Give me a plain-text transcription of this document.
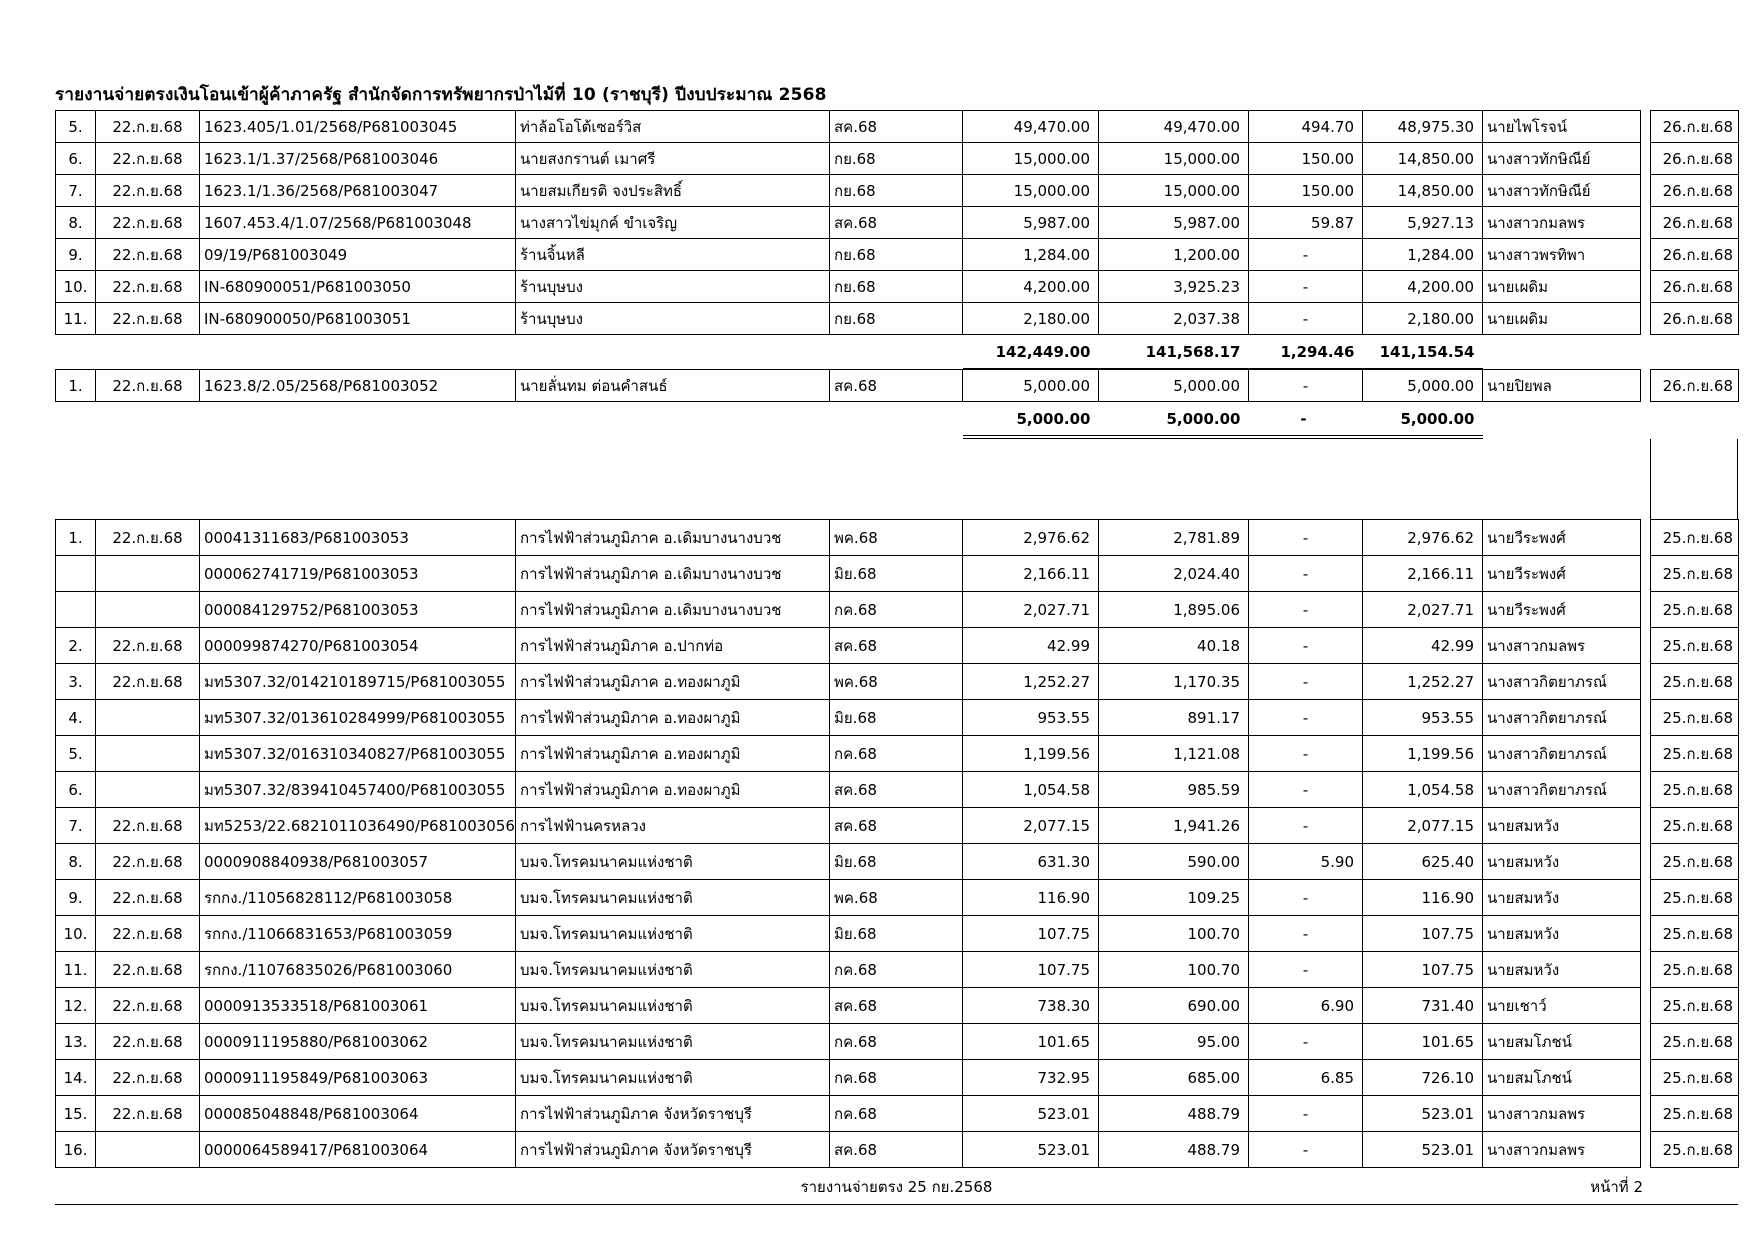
รายงานจ่ายตรงเงินโอนเข้าผู้ค้าภาครัฐ สำนักจัดการทรัพยากรป่าไม้ที่ 10 (ราชบุรี) ปีงบประมาณ 2568
5.	22.ก.ย.68	1623.405/1.01/2568/P681003045	ท่าล้อโอโต้เซอร์วิส	สค.68	49,470.00	49,470.00	494.70	48,975.30	นายไพโรจน์		26.ก.ย.68
6.	22.ก.ย.68	1623.1/1.37/2568/P681003046	นายสงกรานต์ เมาศรี	กย.68	15,000.00	15,000.00	150.00	14,850.00	นางสาวทักษิณีย์		26.ก.ย.68
7.	22.ก.ย.68	1623.1/1.36/2568/P681003047	นายสมเกียรติ จงประสิทธิ์	กย.68	15,000.00	15,000.00	150.00	14,850.00	นางสาวทักษิณีย์		26.ก.ย.68
8.	22.ก.ย.68	1607.453.4/1.07/2568/P681003048	นางสาวไข่มุกค์ ขำเจริญ	สค.68	5,987.00	5,987.00	59.87	5,927.13	นางสาวกมลพร		26.ก.ย.68
9.	22.ก.ย.68	09/19/P681003049	ร้านจิ้นหลี	กย.68	1,284.00	1,200.00	-	1,284.00	นางสาวพรทิพา		26.ก.ย.68
10.	22.ก.ย.68	IN-680900051/P681003050	ร้านบุษบง	กย.68	4,200.00	3,925.23	-	4,200.00	นายเผดิม		26.ก.ย.68
11.	22.ก.ย.68	IN-680900050/P681003051	ร้านบุษบง	กย.68	2,180.00	2,037.38	-	2,180.00	นายเผดิม		26.ก.ย.68
					142,449.00	141,568.17	1,294.46	141,154.54			
1.	22.ก.ย.68	1623.8/2.05/2568/P681003052	นายลั่นทม ต่อนคำสนธ์	สค.68	5,000.00	5,000.00	-	5,000.00	นายปิยพล		26.ก.ย.68
					5,000.00	5,000.00	-	5,000.00			
1.	22.ก.ย.68	00041311683/P681003053	การไฟฟ้าส่วนภูมิภาค อ.เดิมบางนางบวช	พค.68	2,976.62	2,781.89	-	2,976.62	นายวีระพงศ์		25.ก.ย.68
		000062741719/P681003053	การไฟฟ้าส่วนภูมิภาค อ.เดิมบางนางบวช	มิย.68	2,166.11	2,024.40	-	2,166.11	นายวีระพงศ์		25.ก.ย.68
		000084129752/P681003053	การไฟฟ้าส่วนภูมิภาค อ.เดิมบางนางบวช	กค.68	2,027.71	1,895.06	-	2,027.71	นายวีระพงศ์		25.ก.ย.68
2.	22.ก.ย.68	000099874270/P681003054	การไฟฟ้าส่วนภูมิภาค อ.ปากท่อ	สค.68	42.99	40.18	-	42.99	นางสาวกมลพร		25.ก.ย.68
3.	22.ก.ย.68	มท5307.32/014210189715/P681003055	การไฟฟ้าส่วนภูมิภาค อ.ทองผาภูมิ	พค.68	1,252.27	1,170.35	-	1,252.27	นางสาวกิตยาภรณ์		25.ก.ย.68
4.		มท5307.32/013610284999/P681003055	การไฟฟ้าส่วนภูมิภาค อ.ทองผาภูมิ	มิย.68	953.55	891.17	-	953.55	นางสาวกิตยาภรณ์		25.ก.ย.68
5.		มท5307.32/016310340827/P681003055	การไฟฟ้าส่วนภูมิภาค อ.ทองผาภูมิ	กค.68	1,199.56	1,121.08	-	1,199.56	นางสาวกิตยาภรณ์		25.ก.ย.68
6.		มท5307.32/839410457400/P681003055	การไฟฟ้าส่วนภูมิภาค อ.ทองผาภูมิ	สค.68	1,054.58	985.59	-	1,054.58	นางสาวกิตยาภรณ์		25.ก.ย.68
7.	22.ก.ย.68	มท5253/22.6821011036490/P681003056	การไฟฟ้านครหลวง	สค.68	2,077.15	1,941.26	-	2,077.15	นายสมหวัง		25.ก.ย.68
8.	22.ก.ย.68	0000908840938/P681003057	บมจ.โทรคมนาคมแห่งชาติ	มิย.68	631.30	590.00	5.90	625.40	นายสมหวัง		25.ก.ย.68
9.	22.ก.ย.68	รกกง./11056828112/P681003058	บมจ.โทรคมนาคมแห่งชาติ	พค.68	116.90	109.25	-	116.90	นายสมหวัง		25.ก.ย.68
10.	22.ก.ย.68	รกกง./11066831653/P681003059	บมจ.โทรคมนาคมแห่งชาติ	มิย.68	107.75	100.70	-	107.75	นายสมหวัง		25.ก.ย.68
11.	22.ก.ย.68	รกกง./11076835026/P681003060	บมจ.โทรคมนาคมแห่งชาติ	กค.68	107.75	100.70	-	107.75	นายสมหวัง		25.ก.ย.68
12.	22.ก.ย.68	0000913533518/P681003061	บมจ.โทรคมนาคมแห่งชาติ	สค.68	738.30	690.00	6.90	731.40	นายเชาว์		25.ก.ย.68
13.	22.ก.ย.68	0000911195880/P681003062	บมจ.โทรคมนาคมแห่งชาติ	กค.68	101.65	95.00	-	101.65	นายสมโภชน์		25.ก.ย.68
14.	22.ก.ย.68	0000911195849/P681003063	บมจ.โทรคมนาคมแห่งชาติ	กค.68	732.95	685.00	6.85	726.10	นายสมโภชน์		25.ก.ย.68
15.	22.ก.ย.68	000085048848/P681003064	การไฟฟ้าส่วนภูมิภาค จังหวัดราชบุรี	กค.68	523.01	488.79	-	523.01	นางสาวกมลพร		25.ก.ย.68
16.		0000064589417/P681003064	การไฟฟ้าส่วนภูมิภาค จังหวัดราชบุรี	สค.68	523.01	488.79	-	523.01	นางสาวกมลพร		25.ก.ย.68
รายงานจ่ายตรง 25 กย.2568	หน้าที่ 2
